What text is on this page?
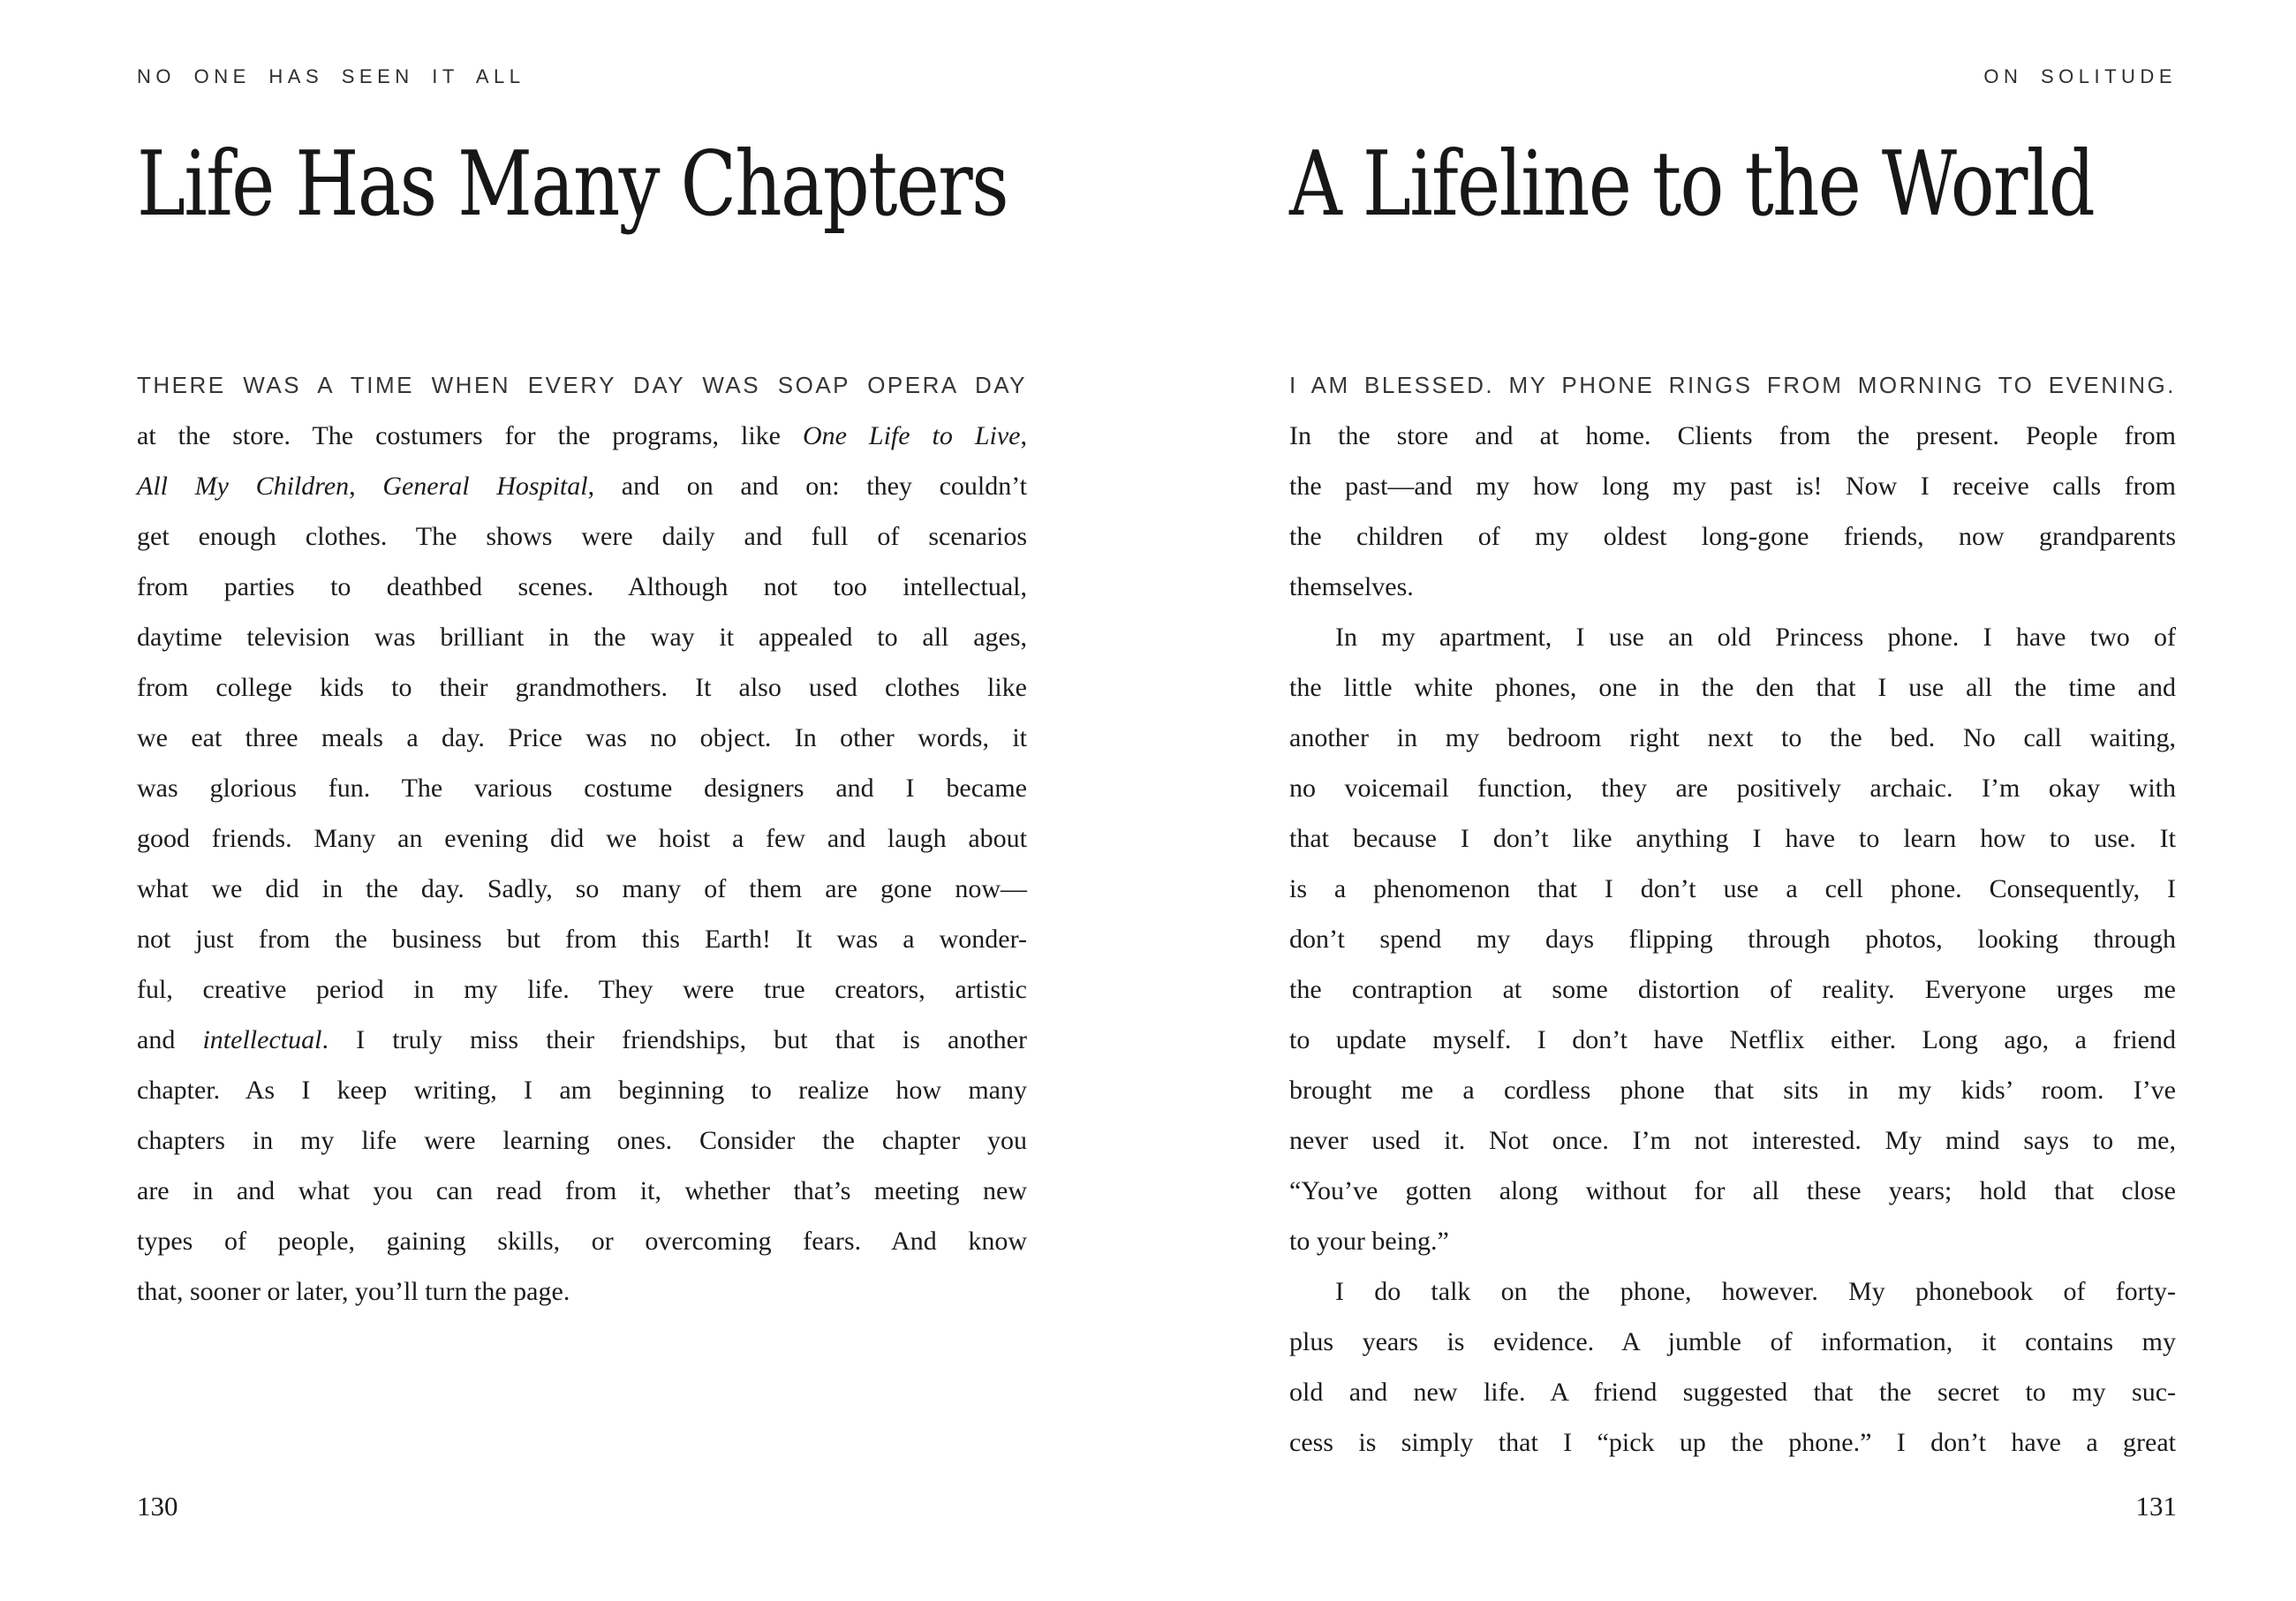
NO ONE HAS SEEN IT ALL
Life Has Many Chapters
THERE WAS A TIME WHEN EVERY DAY WAS SOAP OPERA DAY
at the store. The costumers for the programs, like One Life to Live,
All My Children, General Hospital, and on and on: they couldn’t
get enough clothes. The shows were daily and full of scenarios
from parties to deathbed scenes. Although not too intellectual,
daytime television was brilliant in the way it appealed to all ages,
from college kids to their grandmothers. It also used clothes like
we eat three meals a day. Price was no object. In other words, it
was glorious fun. The various costume designers and I became
good friends. Many an evening did we hoist a few and laugh about
what we did in the day. Sadly, so many of them are gone now—
not just from the business but from this Earth! It was a wonder-
ful, creative period in my life. They were true creators, artistic
and intellectual. I truly miss their friendships, but that is another
chapter. As I keep writing, I am beginning to realize how many
chapters in my life were learning ones. Consider the chapter you
are in and what you can read from it, whether that’s meeting new
types of people, gaining skills, or overcoming fears. And know
that, sooner or later, you’ll turn the page.
130
ON SOLITUDE
A Lifeline to the World
I AM BLESSED. MY PHONE RINGS FROM MORNING TO EVENING.
In the store and at home. Clients from the present. People from
the past—and my how long my past is! Now I receive calls from
the children of my oldest long-gone friends, now grandparents
themselves.
In my apartment, I use an old Princess phone. I have two of
the little white phones, one in the den that I use all the time and
another in my bedroom right next to the bed. No call waiting,
no voicemail function, they are positively archaic. I’m okay with
that because I don’t like anything I have to learn how to use. It
is a phenomenon that I don’t use a cell phone. Consequently, I
don’t spend my days flipping through photos, looking through
the contraption at some distortion of reality. Everyone urges me
to update myself. I don’t have Netflix either. Long ago, a friend
brought me a cordless phone that sits in my kids’ room. I’ve
never used it. Not once. I’m not interested. My mind says to me,
“You’ve gotten along without for all these years; hold that close
to your being.”
I do talk on the phone, however. My phonebook of forty-
plus years is evidence. A jumble of information, it contains my
old and new life. A friend suggested that the secret to my suc-
cess is simply that I “pick up the phone.” I don’t have a great
131
